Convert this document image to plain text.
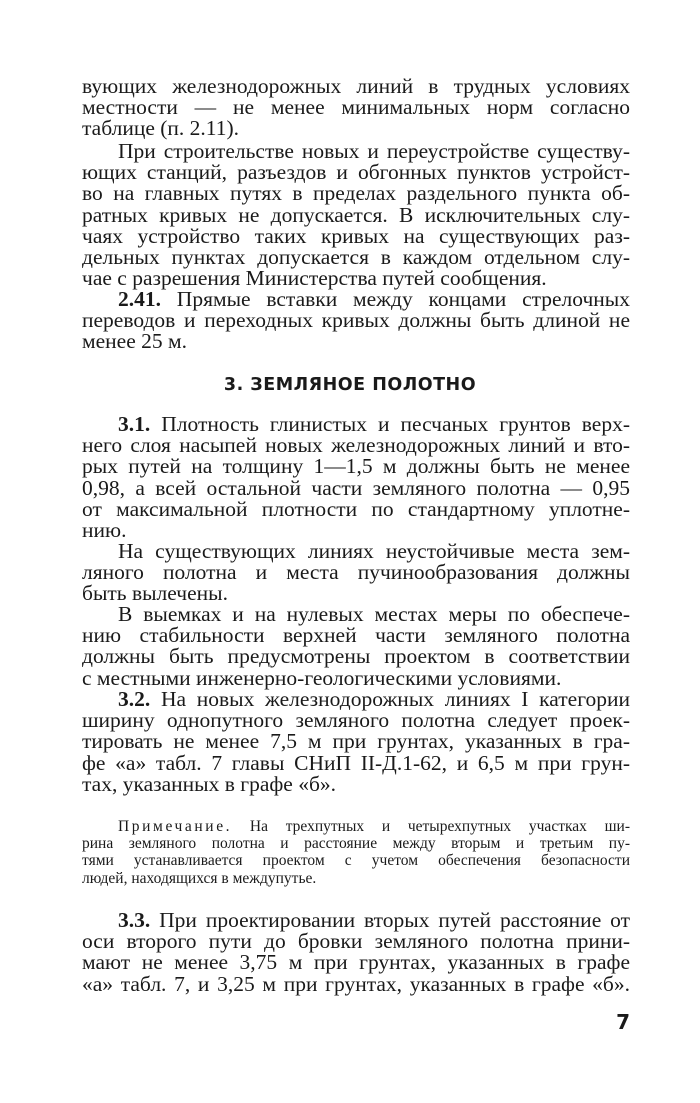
вующих железнодорожных линий в трудных условиях
местности — не менее минимальных норм согласно
таблице (п. 2.11).
При строительстве новых и переустройстве существу-
ющих станций, разъездов и обгонных пунктов устройст-
во на главных путях в пределах раздельного пункта об-
ратных кривых не допускается. В исключительных слу-
чаях устройство таких кривых на существующих раз-
дельных пунктах допускается в каждом отдельном слу-
чае с разрешения Министерства путей сообщения.
2.41. Прямые вставки между концами стрелочных
переводов и переходных кривых должны быть длиной не
менее 25 м.
3. ЗЕМЛЯНОЕ ПОЛОТНО
3.1. Плотность глинистых и песчаных грунтов верх-
него слоя насыпей новых железнодорожных линий и вто-
рых путей на толщину 1—1,5 м должны быть не менее
0,98, а всей остальной части земляного полотна — 0,95
от максимальной плотности по стандартному уплотне-
нию.
На существующих линиях неустойчивые места зем-
ляного полотна и места пучинообразования должны
быть вылечены.
В выемках и на нулевых местах меры по обеспече-
нию стабильности верхней части земляного полотна
должны быть предусмотрены проектом в соответствии
с местными инженерно-геологическими условиями.
3.2. На новых железнодорожных линиях I категории
ширину однопутного земляного полотна следует проек-
тировать не менее 7,5 м при грунтах, указанных в гра-
фе «а» табл. 7 главы СНиП II-Д.1-62, и 6,5 м при грун-
тах, указанных в графе «б».
Примечание. На трехпутных и четырехпутных участках ши-
рина земляного полотна и расстояние между вторым и третьим пу-
тями устанавливается проектом с учетом обеспечения безопасности
людей, находящихся в междупутье.
3.3. При проектировании вторых путей расстояние от
оси второго пути до бровки земляного полотна прини-
мают не менее 3,75 м при грунтах, указанных в графе
«а» табл. 7, и 3,25 м при грунтах, указанных в графе «б».
7
